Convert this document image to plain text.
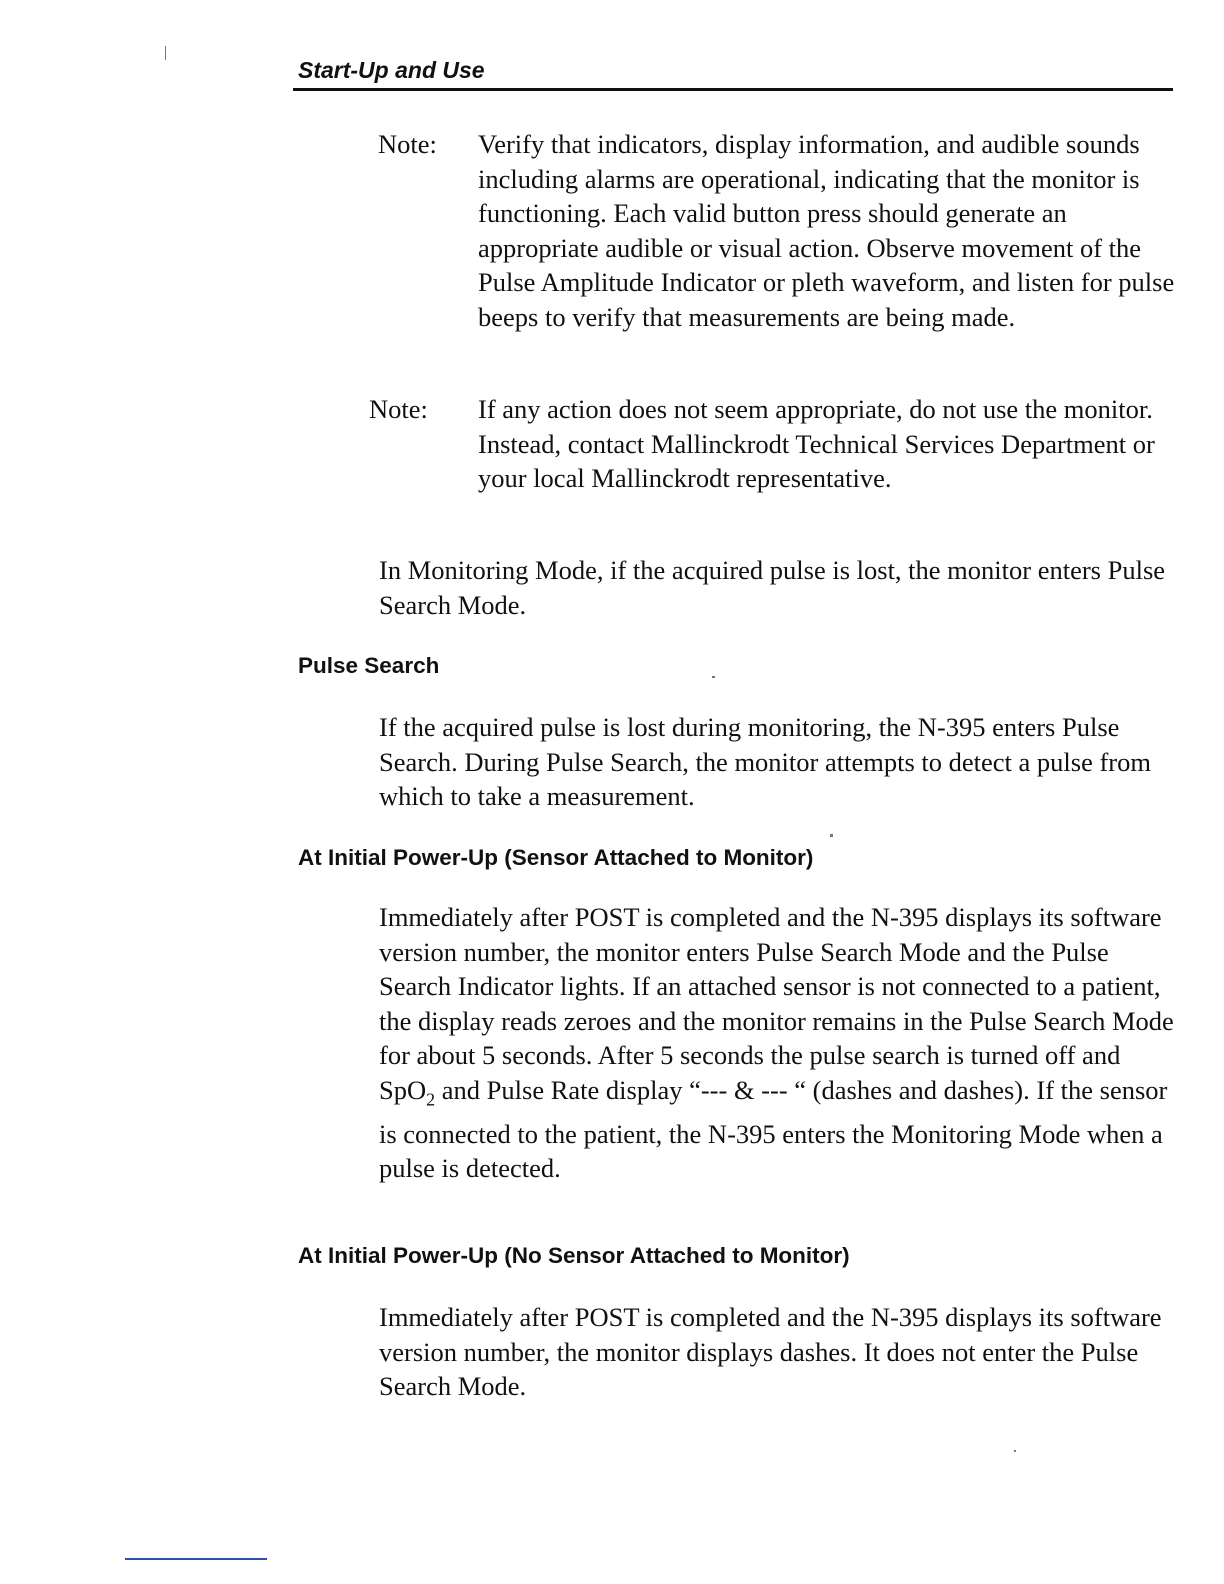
Start-Up and Use
Note: Verify that indicators, display information, and audible sounds including alarms are operational, indicating that the monitor is functioning. Each valid button press should generate an appropriate audible or visual action. Observe movement of the Pulse Amplitude Indicator or pleth waveform, and listen for pulse beeps to verify that measurements are being made.
Note: If any action does not seem appropriate, do not use the monitor. Instead, contact Mallinckrodt Technical Services Department or your local Mallinckrodt representative.
In Monitoring Mode, if the acquired pulse is lost, the monitor enters Pulse Search Mode.
Pulse Search
If the acquired pulse is lost during monitoring, the N-395 enters Pulse Search. During Pulse Search, the monitor attempts to detect a pulse from which to take a measurement.
At Initial Power-Up (Sensor Attached to Monitor)
Immediately after POST is completed and the N-395 displays its software version number, the monitor enters Pulse Search Mode and the Pulse Search Indicator lights. If an attached sensor is not connected to a patient, the display reads zeroes and the monitor remains in the Pulse Search Mode for about 5 seconds. After 5 seconds the pulse search is turned off and SpO$_2$ and Pulse Rate display “--- & --- “ (dashes and dashes). If the sensor is connected to the patient, the N-395 enters the Monitoring Mode when a pulse is detected.
At Initial Power-Up (No Sensor Attached to Monitor)
Immediately after POST is completed and the N-395 displays its software version number, the monitor displays dashes. It does not enter the Pulse Search Mode.
